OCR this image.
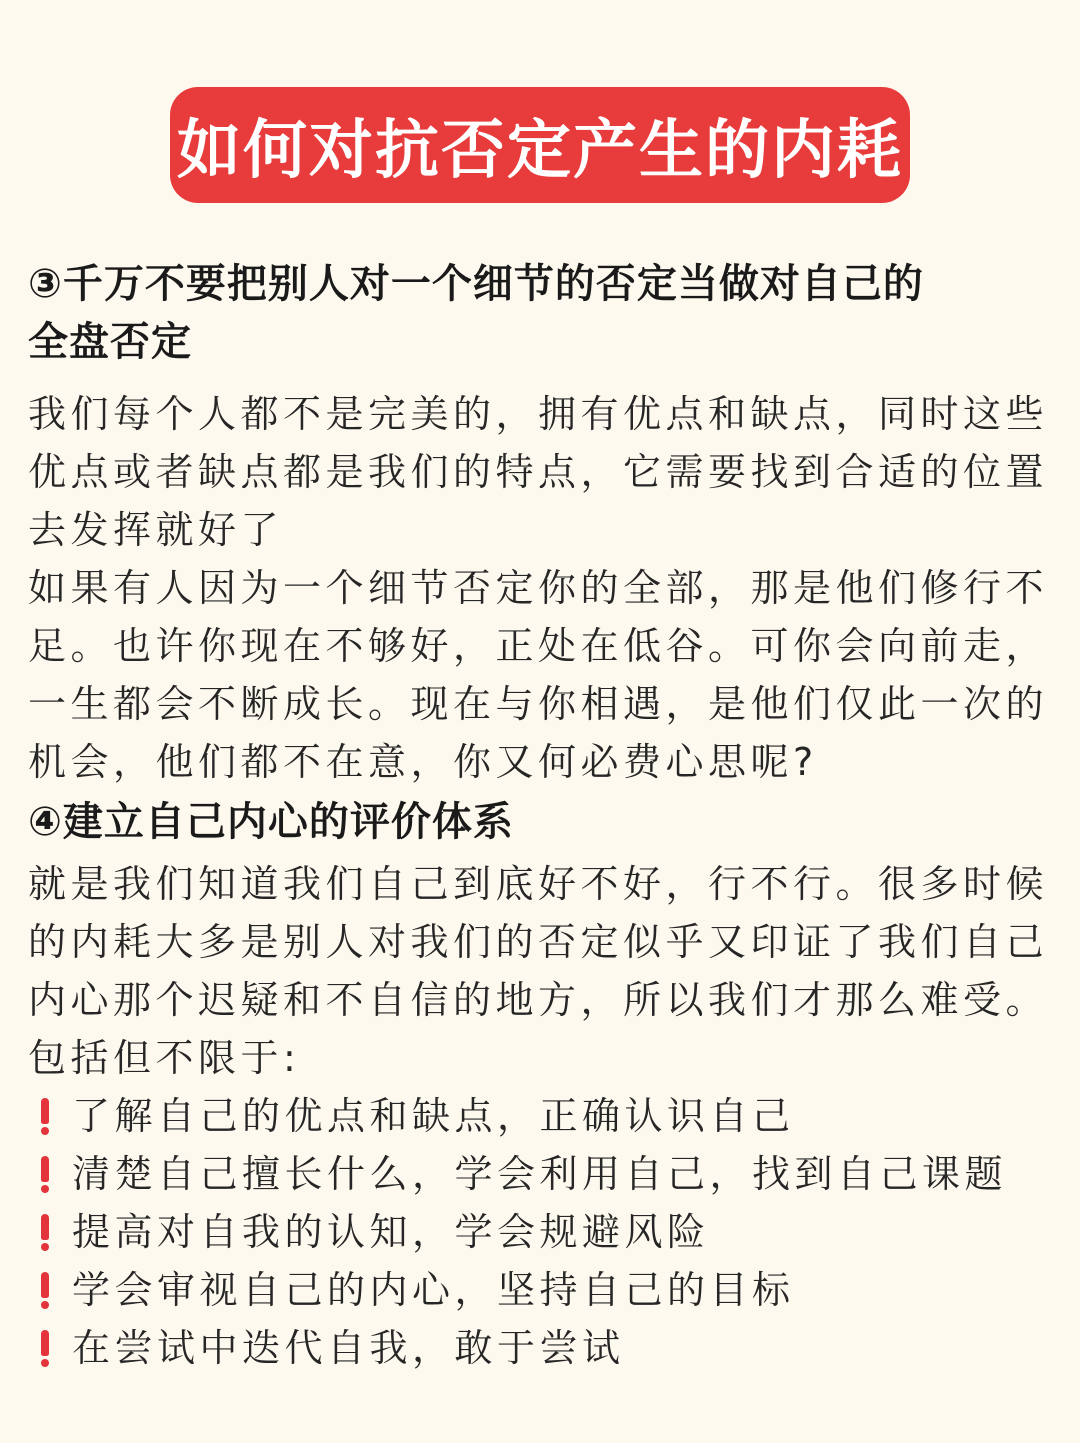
如何对抗否定产生的内耗
③千万不要把别人对一个细节的否定当做对自己的
全盘否定
我们每个人都不是完美的，拥有优点和缺点，同时这些优点或者缺点都是我们的特点，它需要找到合适的位置去发挥就好了
如果有人因为一个细节否定你的全部，那是他们修行不足。也许你现在不够好，正处在低谷。可你会向前走，一生都会不断成长。现在与你相遇，是他们仅此一次的机会，他们都不在意，你又何必费心思呢?
④建立自己内心的评价体系
就是我们知道我们自己到底好不好，行不行。很多时候的内耗大多是别人对我们的否定似乎又印证了我们自己内心那个迟疑和不自信的地方，所以我们才那么难受。包括但不限于:
了解自己的优点和缺点，正确认识自己
清楚自己擅长什么，学会利用自己，找到自己课题
提高对自我的认知，学会规避风险
学会审视自己的内心，坚持自己的目标
在尝试中迭代自我，敢于尝试
